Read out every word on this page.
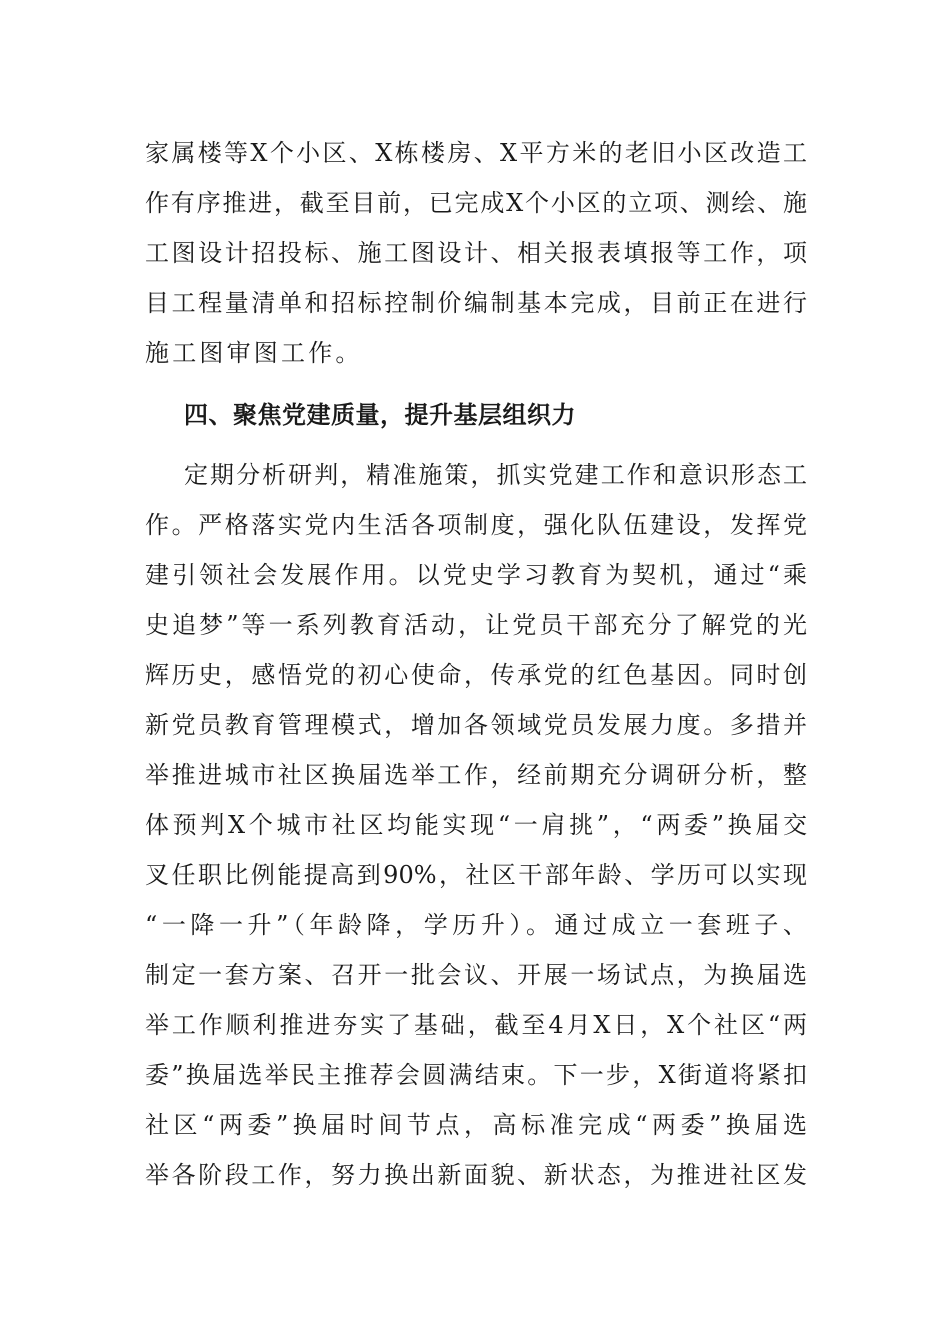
家属楼等X个小区、X栋楼房、X平方米的老旧小区改造工
作有序推进，截至目前，已完成X个小区的立项、测绘、施
工图设计招投标、施工图设计、相关报表填报等工作，项
目工程量清单和招标控制价编制基本完成，目前正在进行
施工图审图工作。
四、聚焦党建质量，提升基层组织力
定期分析研判，精准施策，抓实党建工作和意识形态工
作。严格落实党内生活各项制度，强化队伍建设，发挥党
建引领社会发展作用。以党史学习教育为契机，通过“乘
史追梦”等一系列教育活动，让党员干部充分了解党的光
辉历史，感悟党的初心使命，传承党的红色基因。同时创
新党员教育管理模式，增加各领域党员发展力度。多措并
举推进城市社区换届选举工作，经前期充分调研分析，整
体预判X个城市社区均能实现“一肩挑”，“两委”换届交
叉任职比例能提高到90%，社区干部年龄、学历可以实现
“一降一升”（年龄降，学历升）。通过成立一套班子、
制定一套方案、召开一批会议、开展一场试点，为换届选
举工作顺利推进夯实了基础，截至4月X日，X个社区“两
委”换届选举民主推荐会圆满结束。下一步，X街道将紧扣
社区“两委”换届时间节点，高标准完成“两委”换届选
举各阶段工作，努力换出新面貌、新状态，为推进社区发
